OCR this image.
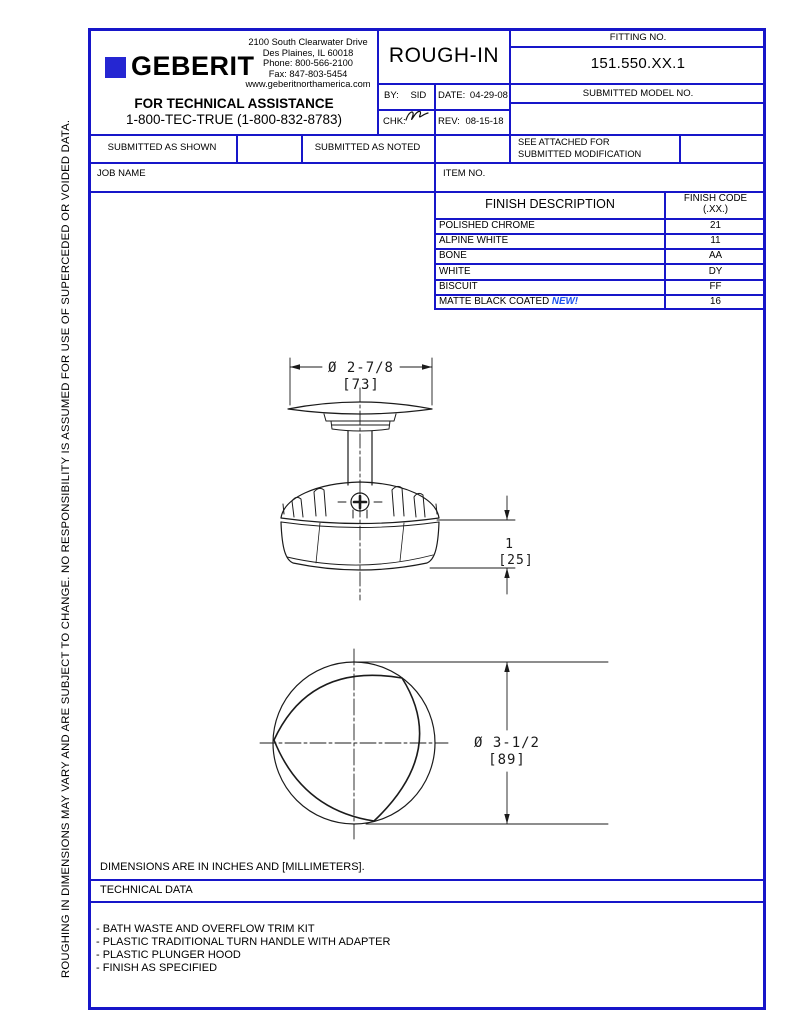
ROUGHING IN DIMENSIONS MAY VARY AND ARE SUBJECT TO CHANGE. NO RESPONSIBILITY IS ASSUMED FOR USE OF SUPERCEDED OR VOIDED DATA.
GEBERIT
2100 South Clearwater Drive
Des Plaines, IL 60018
Phone: 800-566-2100
Fax: 847-803-5454
www.geberitnorthamerica.com
FOR TECHNICAL ASSISTANCE
1-800-TEC-TRUE (1-800-832-8783)
ROUGH-IN
BY: SID DATE: 04-29-08
CHK:	REV: 08-15-18
FITTING NO.
151.550.XX.1
SUBMITTED MODEL NO.
SUBMITTED AS SHOWN	SUBMITTED AS NOTED	SEE ATTACHED FOR
SUBMITTED MODIFICATION
JOB NAME	ITEM NO.
FINISH DESCRIPTION	FINISH CODE
(.XX.)
POLISHED CHROME	21
ALPINE WHITE	11
BONE	AA
WHITE	DY
BISCUIT	FF
MATTE BLACK COATED NEW!	16
Ø 2-7/8
[73]
1
[25]
Ø 3-1/2
[89]
DIMENSIONS ARE IN INCHES AND [MILLIMETERS].
TECHNICAL DATA
- BATH WASTE AND OVERFLOW TRIM KIT
- PLASTIC TRADITIONAL TURN HANDLE WITH ADAPTER
- PLASTIC PLUNGER HOOD
- FINISH AS SPECIFIED
